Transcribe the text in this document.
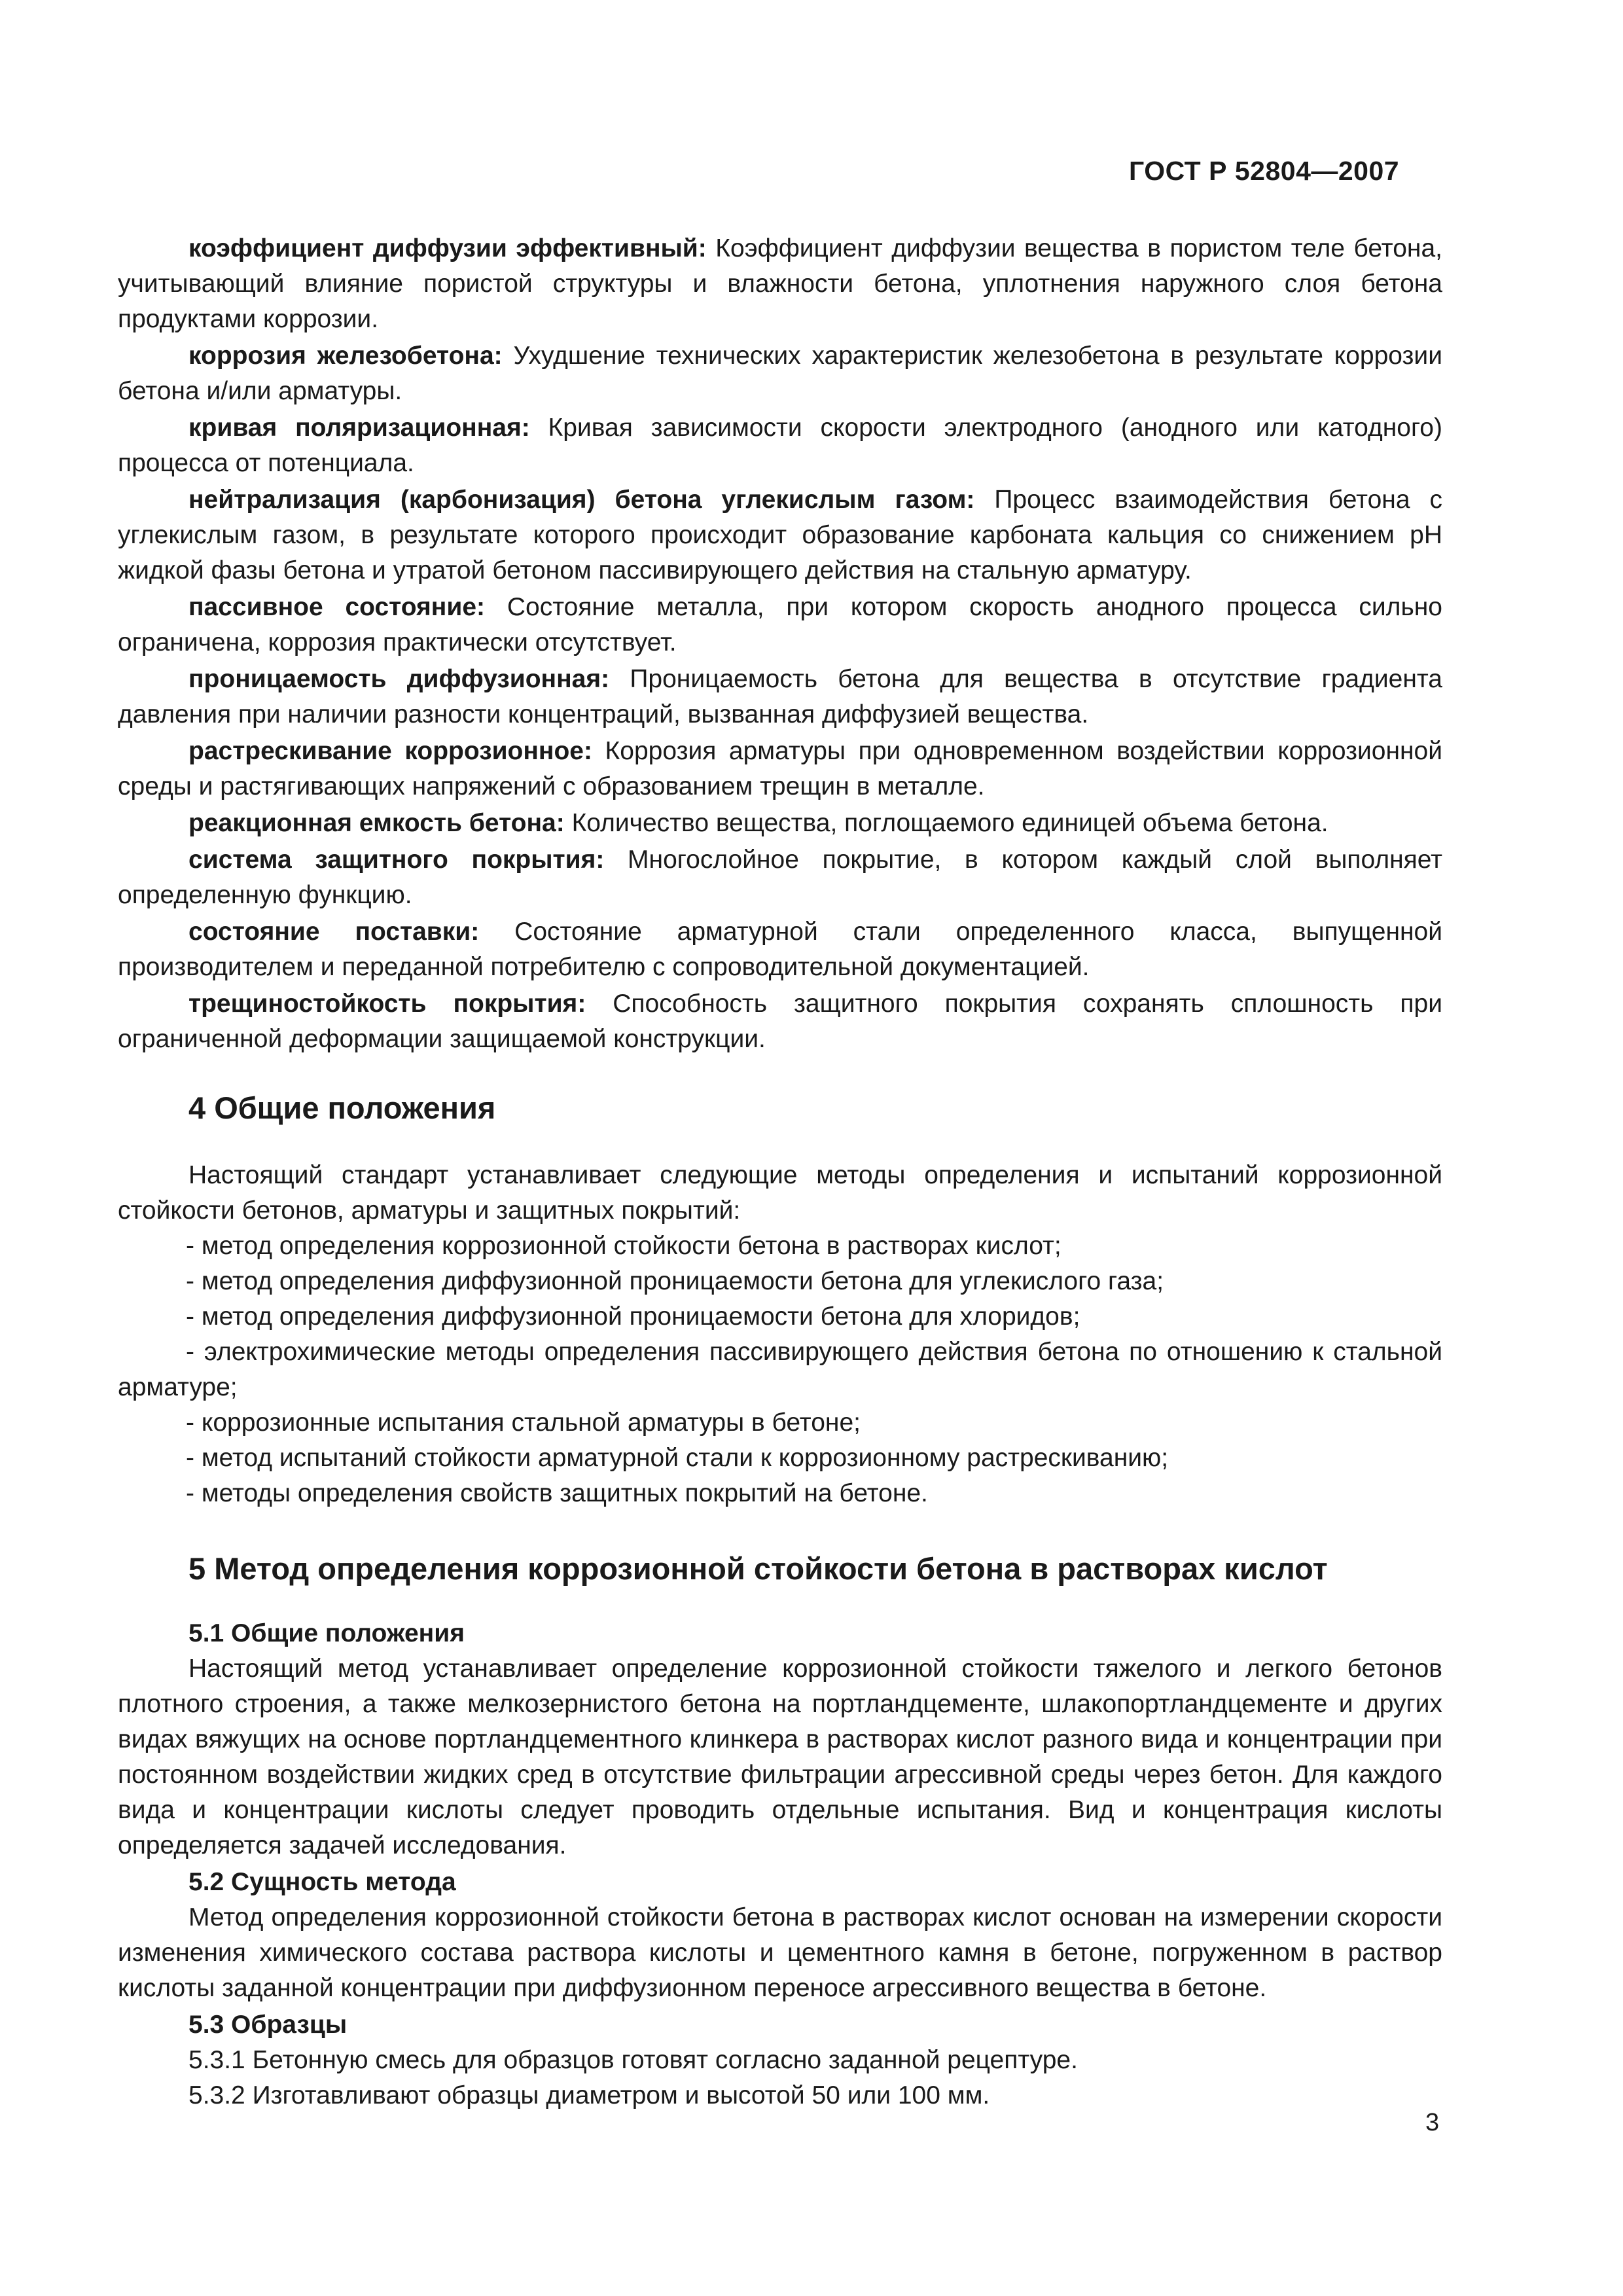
ГОСТ Р 52804—2007

коэффициент диффузии эффективный: Коэффициент диффузии вещества в пористом теле бетона, учитывающий влияние пористой структуры и влажности бетона, уплотнения наружного слоя бетона продуктами коррозии.

коррозия железобетона: Ухудшение технических характеристик железобетона в результате коррозии бетона и/или арматуры.

кривая поляризационная: Кривая зависимости скорости электродного (анодного или катодного) процесса от потенциала.

нейтрализация (карбонизация) бетона углекислым газом: Процесс взаимодействия бетона с углекислым газом, в результате которого происходит образование карбоната кальция со снижением pH жидкой фазы бетона и утратой бетоном пассивирующего действия на стальную арматуру.

пассивное состояние: Состояние металла, при котором скорость анодного процесса сильно ограничена, коррозия практически отсутствует.

проницаемость диффузионная: Проницаемость бетона для вещества в отсутствие градиента давления при наличии разности концентраций, вызванная диффузией вещества.

растрескивание коррозионное: Коррозия арматуры при одновременном воздействии коррозионной среды и растягивающих напряжений с образованием трещин в металле.

реакционная емкость бетона: Количество вещества, поглощаемого единицей объема бетона.

система защитного покрытия: Многослойное покрытие, в котором каждый слой выполняет определенную функцию.

состояние поставки: Состояние арматурной стали определенного класса, выпущенной производителем и переданной потребителю с сопроводительной документацией.

трещиностойкость покрытия: Способность защитного покрытия сохранять сплошность при ограниченной деформации защищаемой конструкции.

4 Общие положения

Настоящий стандарт устанавливает следующие методы определения и испытаний коррозионной стойкости бетонов, арматуры и защитных покрытий:

- метод определения коррозионной стойкости бетона в растворах кислот;
- метод определения диффузионной проницаемости бетона для углекислого газа;
- метод определения диффузионной проницаемости бетона для хлоридов;
- электрохимические методы определения пассивирующего действия бетона по отношению к стальной арматуре;
- коррозионные испытания стальной арматуры в бетоне;
- метод испытаний стойкости арматурной стали к коррозионному растрескиванию;
- методы определения свойств защитных покрытий на бетоне.
5 Метод определения коррозионной стойкости бетона в растворах кислот
5.1 Общие положения

Настоящий метод устанавливает определение коррозионной стойкости тяжелого и легкого бетонов плотного строения, а также мелкозернистого бетона на портландцементе, шлакопортландцементе и других видах вяжущих на основе портландцементного клинкера в растворах кислот разного вида и концентрации при постоянном воздействии жидких сред в отсутствие фильтрации агрессивной среды через бетон. Для каждого вида и концентрации кислоты следует проводить отдельные испытания. Вид и концентрация кислоты определяется задачей исследования.

5.2 Сущность метода

Метод определения коррозионной стойкости бетона в растворах кислот основан на измерении скорости изменения химического состава раствора кислоты и цементного камня в бетоне, погруженном в раствор кислоты заданной концентрации при диффузионном переносе агрессивного вещества в бетоне.

5.3 Образцы
5.3.1 Бетонную смесь для образцов готовят согласно заданной рецептуре.
5.3.2 Изготавливают образцы диаметром и высотой 50 или 100 мм.
3
